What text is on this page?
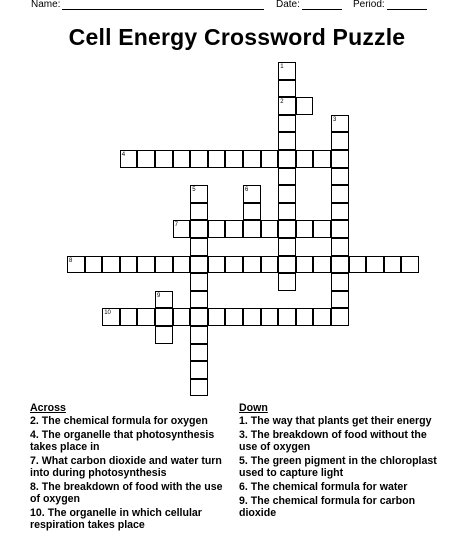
Name:	Date:	Period:
Cell Energy Crossword Puzzle
1
2
3
4
5	6
7
8
9
10
Across
2. The chemical formula for oxygen
4. The organelle that photosynthesis takes place in
7. What carbon dioxide and water turn into during photosynthesis
8. The breakdown of food with the use of oxygen
10. The organelle in which cellular respiration takes place
Down
1. The way that plants get their energy
3. The breakdown of food without the use of oxygen
5. The green pigment in the chloroplast used to capture light
6. The chemical formula for water
9. The chemical formula for carbon dioxide
